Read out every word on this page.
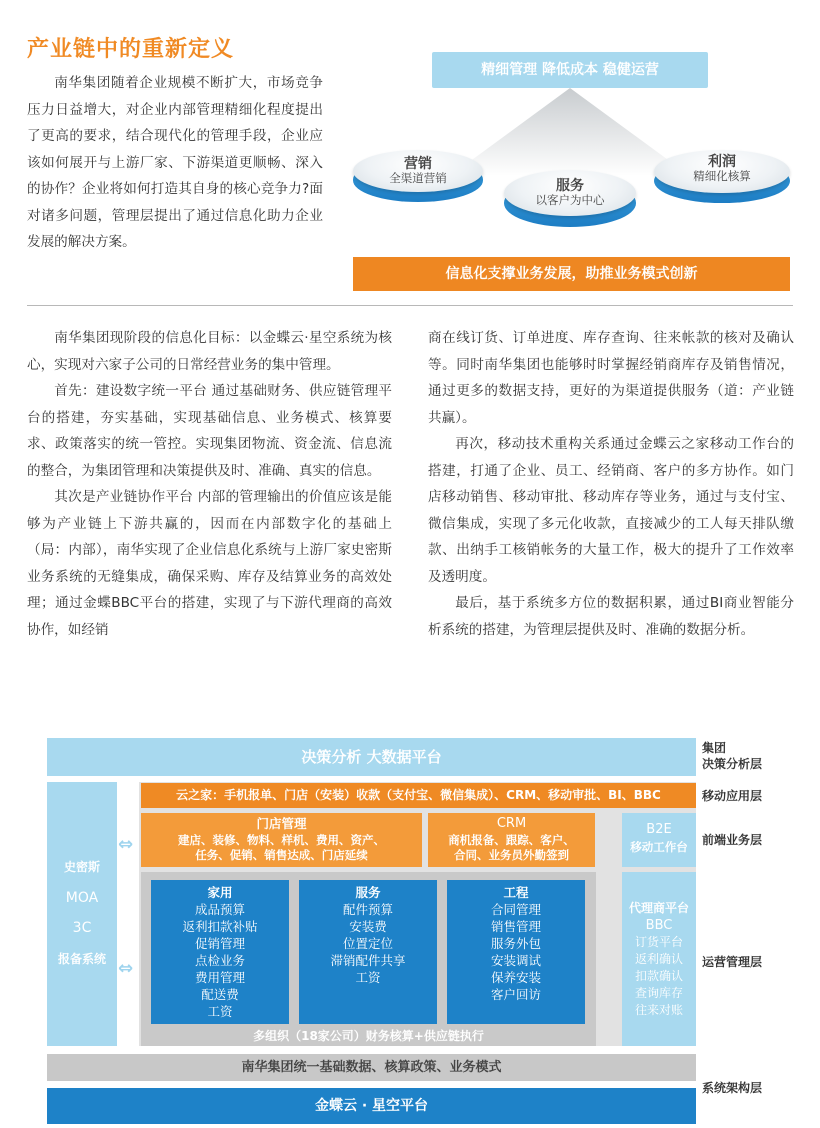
产业链中的重新定义
南华集团随着企业规模不断扩大，市场竞争压力日益增大，对企业内部管理精细化程度提出了更高的要求，结合现代化的管理手段，企业应该如何展开与上游厂家、下游渠道更顺畅、深入的协作？企业将如何打造其自身的核心竞争力?面对诸多问题，管理层提出了通过信息化助力企业发展的解决方案。
精细管理 降低成本 稳健运营
营销
全渠道营销	服务
以客户为中心
利润
精细化核算
信息化支撑业务发展，助推业务模式创新

南华集团现阶段的信息化目标：以金蝶云·星空系统为核心，实现对六家子公司的日常经营业务的集中管理。

首先：建设数字统一平台 通过基础财务、供应链管理平台的搭建，夯实基础，实现基础信息、业务模式、核算要求、政策落实的统一管控。实现集团物流、资金流、信息流的整合，为集团管理和决策提供及时、准确、真实的信息。

其次是产业链协作平台 内部的管理输出的价值应该是能够为产业链上下游共赢的，因而在内部数字化的基础上（局：内部），南华实现了企业信息化系统与上游厂家史密斯业务系统的无缝集成，确保采购、库存及结算业务的高效处理；通过金蝶BBC平台的搭建，实现了与下游代理商的高效协作，如经销

商在线订货、订单进度、库存查询、往来帐款的核对及确认等。同时南华集团也能够时时掌握经销商库存及销售情况，通过更多的数据支持，更好的为渠道提供服务（道：产业链共赢）。

再次，移动技术重构关系通过金蝶云之家移动工作台的搭建，打通了企业、员工、经销商、客户的多方协作。如门店移动销售、移动审批、移动库存等业务，通过与支付宝、微信集成，实现了多元化收款，直接减少的工人每天排队缴款、出纳手工核销帐务的大量工作，极大的提升了工作效率及透明度。

最后，基于系统多方位的数据积累，通过BI商业智能分析系统的搭建，为管理层提供及时、准确的数据分析。

决策分析 大数据平台
史密斯
MOA
3C
报备系统
⇔
⇔
云之家：手机报单、门店（安装）收款（支付宝、微信集成）、CRM、移动审批、BI、BBC
门店管理
建店、装修、物料、样机、费用、资产、
任务、促销、销售达成、门店延续
CRM
商机报备、跟踪、客户、
合同、业务员外勤签到
B2E
移动工作台
家用
成品预算
返利扣款补贴
促销管理
点检业务
费用管理
配送费
工资
服务
配件预算
安装费
位置定位
滞销配件共享
工资
工程
合同管理
销售管理
服务外包
安装调试
保养安装
客户回访
多组织（18家公司）财务核算+供应链执行
代理商平台
BBC
订货平台
返利确认
扣款确认
查询库存
往来对账
南华集团统一基础数据、核算政策、业务模式
金蝶云 · 星空平台
集团
决策分析层
移动应用层
前端业务层
运营管理层
系统架构层
